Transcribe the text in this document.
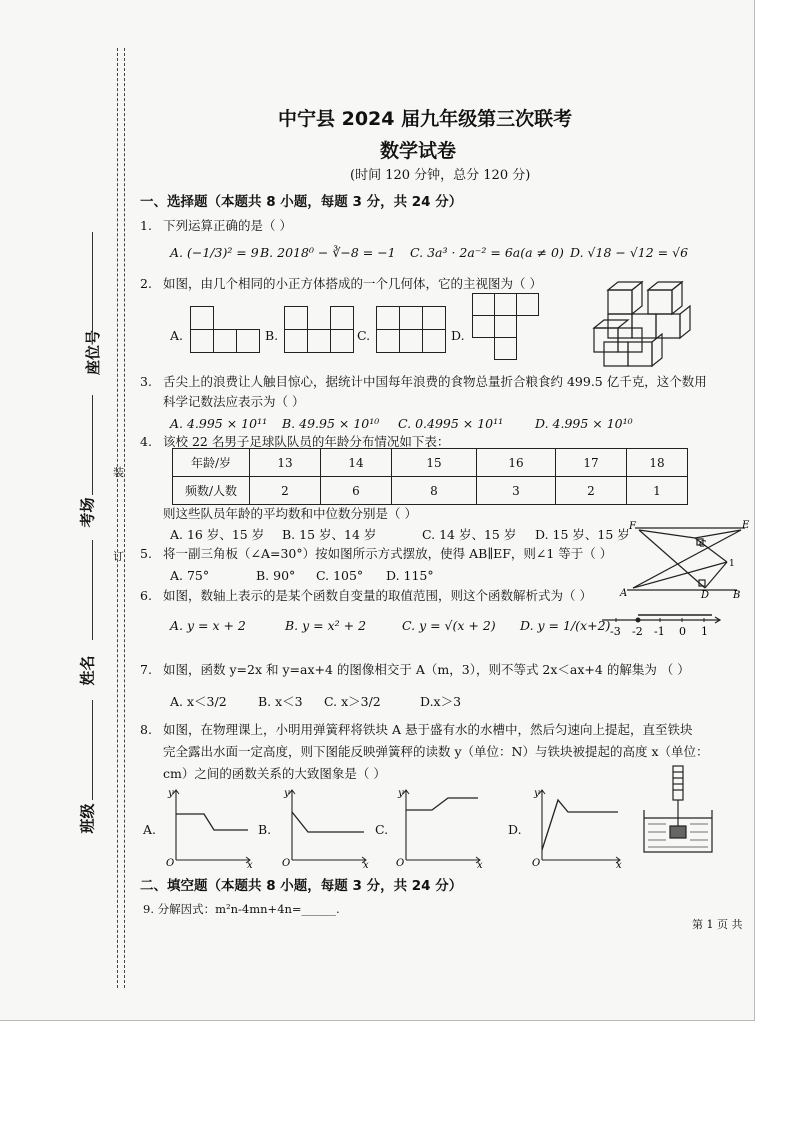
装
订
座位号
考场
姓名
班级
中宁县 2024 届九年级第三次联考
数学试卷
(时间 120 分钟，总分 120 分)
一、选择题（本题共 8 小题，每题 3 分，共 24 分）
1. 下列运算正确的是（ ）
A. (−1/3)² = 9 B. 2018⁰ − ∛−8 = −1 C. 3a³ · 2a⁻² = 6a(a ≠ 0) D. √18 − √12 = √6
2. 如图，由几个相同的小正方体搭成的一个几何体，它的主视图为（ ）
A.	B.	C.	D.
3. 舌尖上的浪费让人触目惊心，据统计中国每年浪费的食物总量折合粮食约 499.5 亿千克，这个数用
科学记数法应表示为（ ）
A. 4.995 × 10¹¹ B. 49.95 × 10¹⁰ C. 0.4995 × 10¹¹	D. 4.995 × 10¹⁰
4. 该校 22 名男子足球队队员的年龄分布情况如下表：
年龄/岁	13	14	15	16	17	18
频数/人数	2	6	8	3	2	1
则这些队员年龄的平均数和中位数分别是（ ）
A. 16 岁、15 岁 B. 15 岁、14 岁	C. 14 岁、15 岁 D. 15 岁、15 岁
5. 将一副三角板（∠A=30°）按如图所示方式摆放，使得 AB∥EF，则∠1 等于（ ）
A. 75°	B. 90° C. 105° D. 115°
F	E
C
1
A	D B
6. 如图，数轴上表示的是某个函数自变量的取值范围，则这个函数解析式为（ ）
A. y = x + 2	B. y = x² + 2	C. y = √(x + 2) D. y = 1/(x+2) -3 -2 -1 0 1
7. 如图，函数 y=2x 和 y=ax+4 的图像相交于 A（m，3），则不等式 2x＜ax+4 的解集为 （ ）
A. x＜3/2	B. x＜3 C. x＞3/2	D.x＞3
8. 如图，在物理课上，小明用弹簧秤将铁块 A 悬于盛有水的水槽中，然后匀速向上提起，直至铁块
完全露出水面一定高度，则下图能反映弹簧秤的读数 y（单位：N）与铁块被提起的高度 x（单位：
cm）之间的函数关系的大致图象是（ ）
A.
y
x
O
B.
y
x
O
C.
y
x
O
D.
y
x
O
二、填空题（本题共 8 小题，每题 3 分，共 24 分）
9. 分解因式：m²n-4mn+4n=______.
第 1 页 共
